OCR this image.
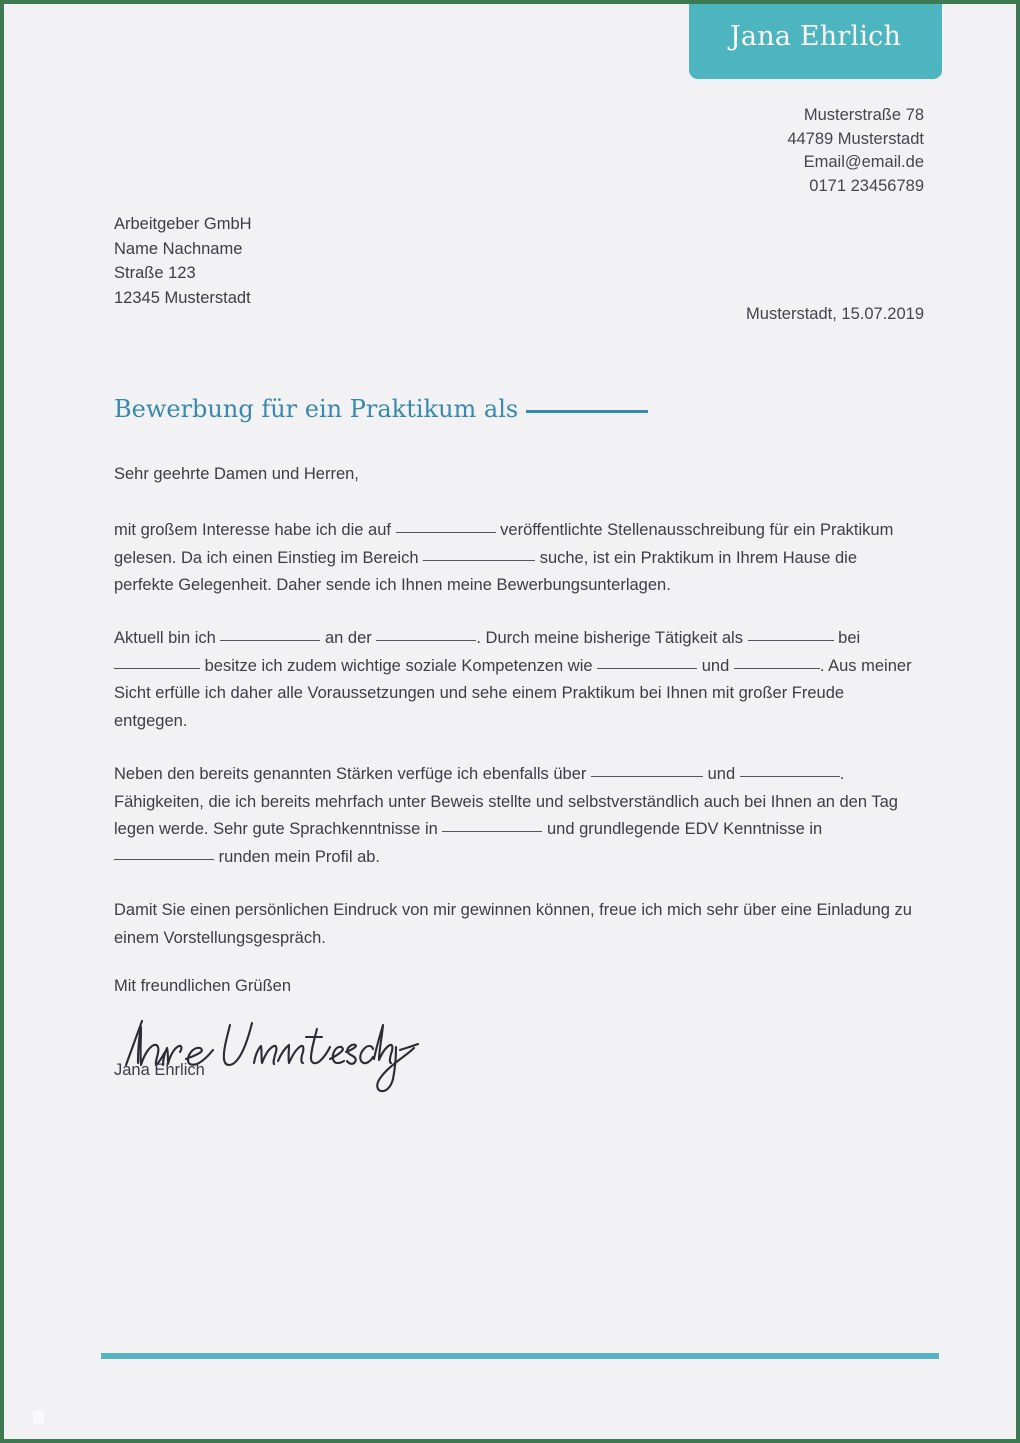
Jana Ehrlich
Musterstraße 78
44789 Musterstadt
Email@email.de
0171 23456789
Arbeitgeber GmbH
Name Nachname
Straße 123
12345 Musterstadt
Musterstadt, 15.07.2019
Bewerbung für ein Praktikum als
Sehr geehrte Damen und Herren,
mit großem Interesse habe ich die auf	veröffentlichte Stellenausschreibung für ein Praktikum gelesen. Da ich einen Einstieg im Bereich	suche, ist ein Praktikum in Ihrem Hause die perfekte Gelegenheit. Daher sende ich Ihnen meine Bewerbungsunterlagen.
Aktuell bin ich	an der	. Durch meine bisherige Tätigkeit als	bei  besitze ich zudem wichtige soziale Kompetenzen wie	und	. Aus meiner Sicht erfülle ich daher alle Voraussetzungen und sehe einem Praktikum bei Ihnen mit großer Freude entgegen.
Neben den bereits genannten Stärken verfüge ich ebenfalls über	und	. Fähigkeiten, die ich bereits mehrfach unter Beweis stellte und selbstverständlich auch bei Ihnen an den Tag legen werde. Sehr gute Sprachkenntnisse in	und grundlegende EDV Kenntnisse in  runden mein Profil ab.
Damit Sie einen persönlichen Eindruck von mir gewinnen können, freue ich mich sehr über eine Einladung zu einem Vorstellungsgespräch.
Mit freundlichen Grüßen
Jana Ehrlich
